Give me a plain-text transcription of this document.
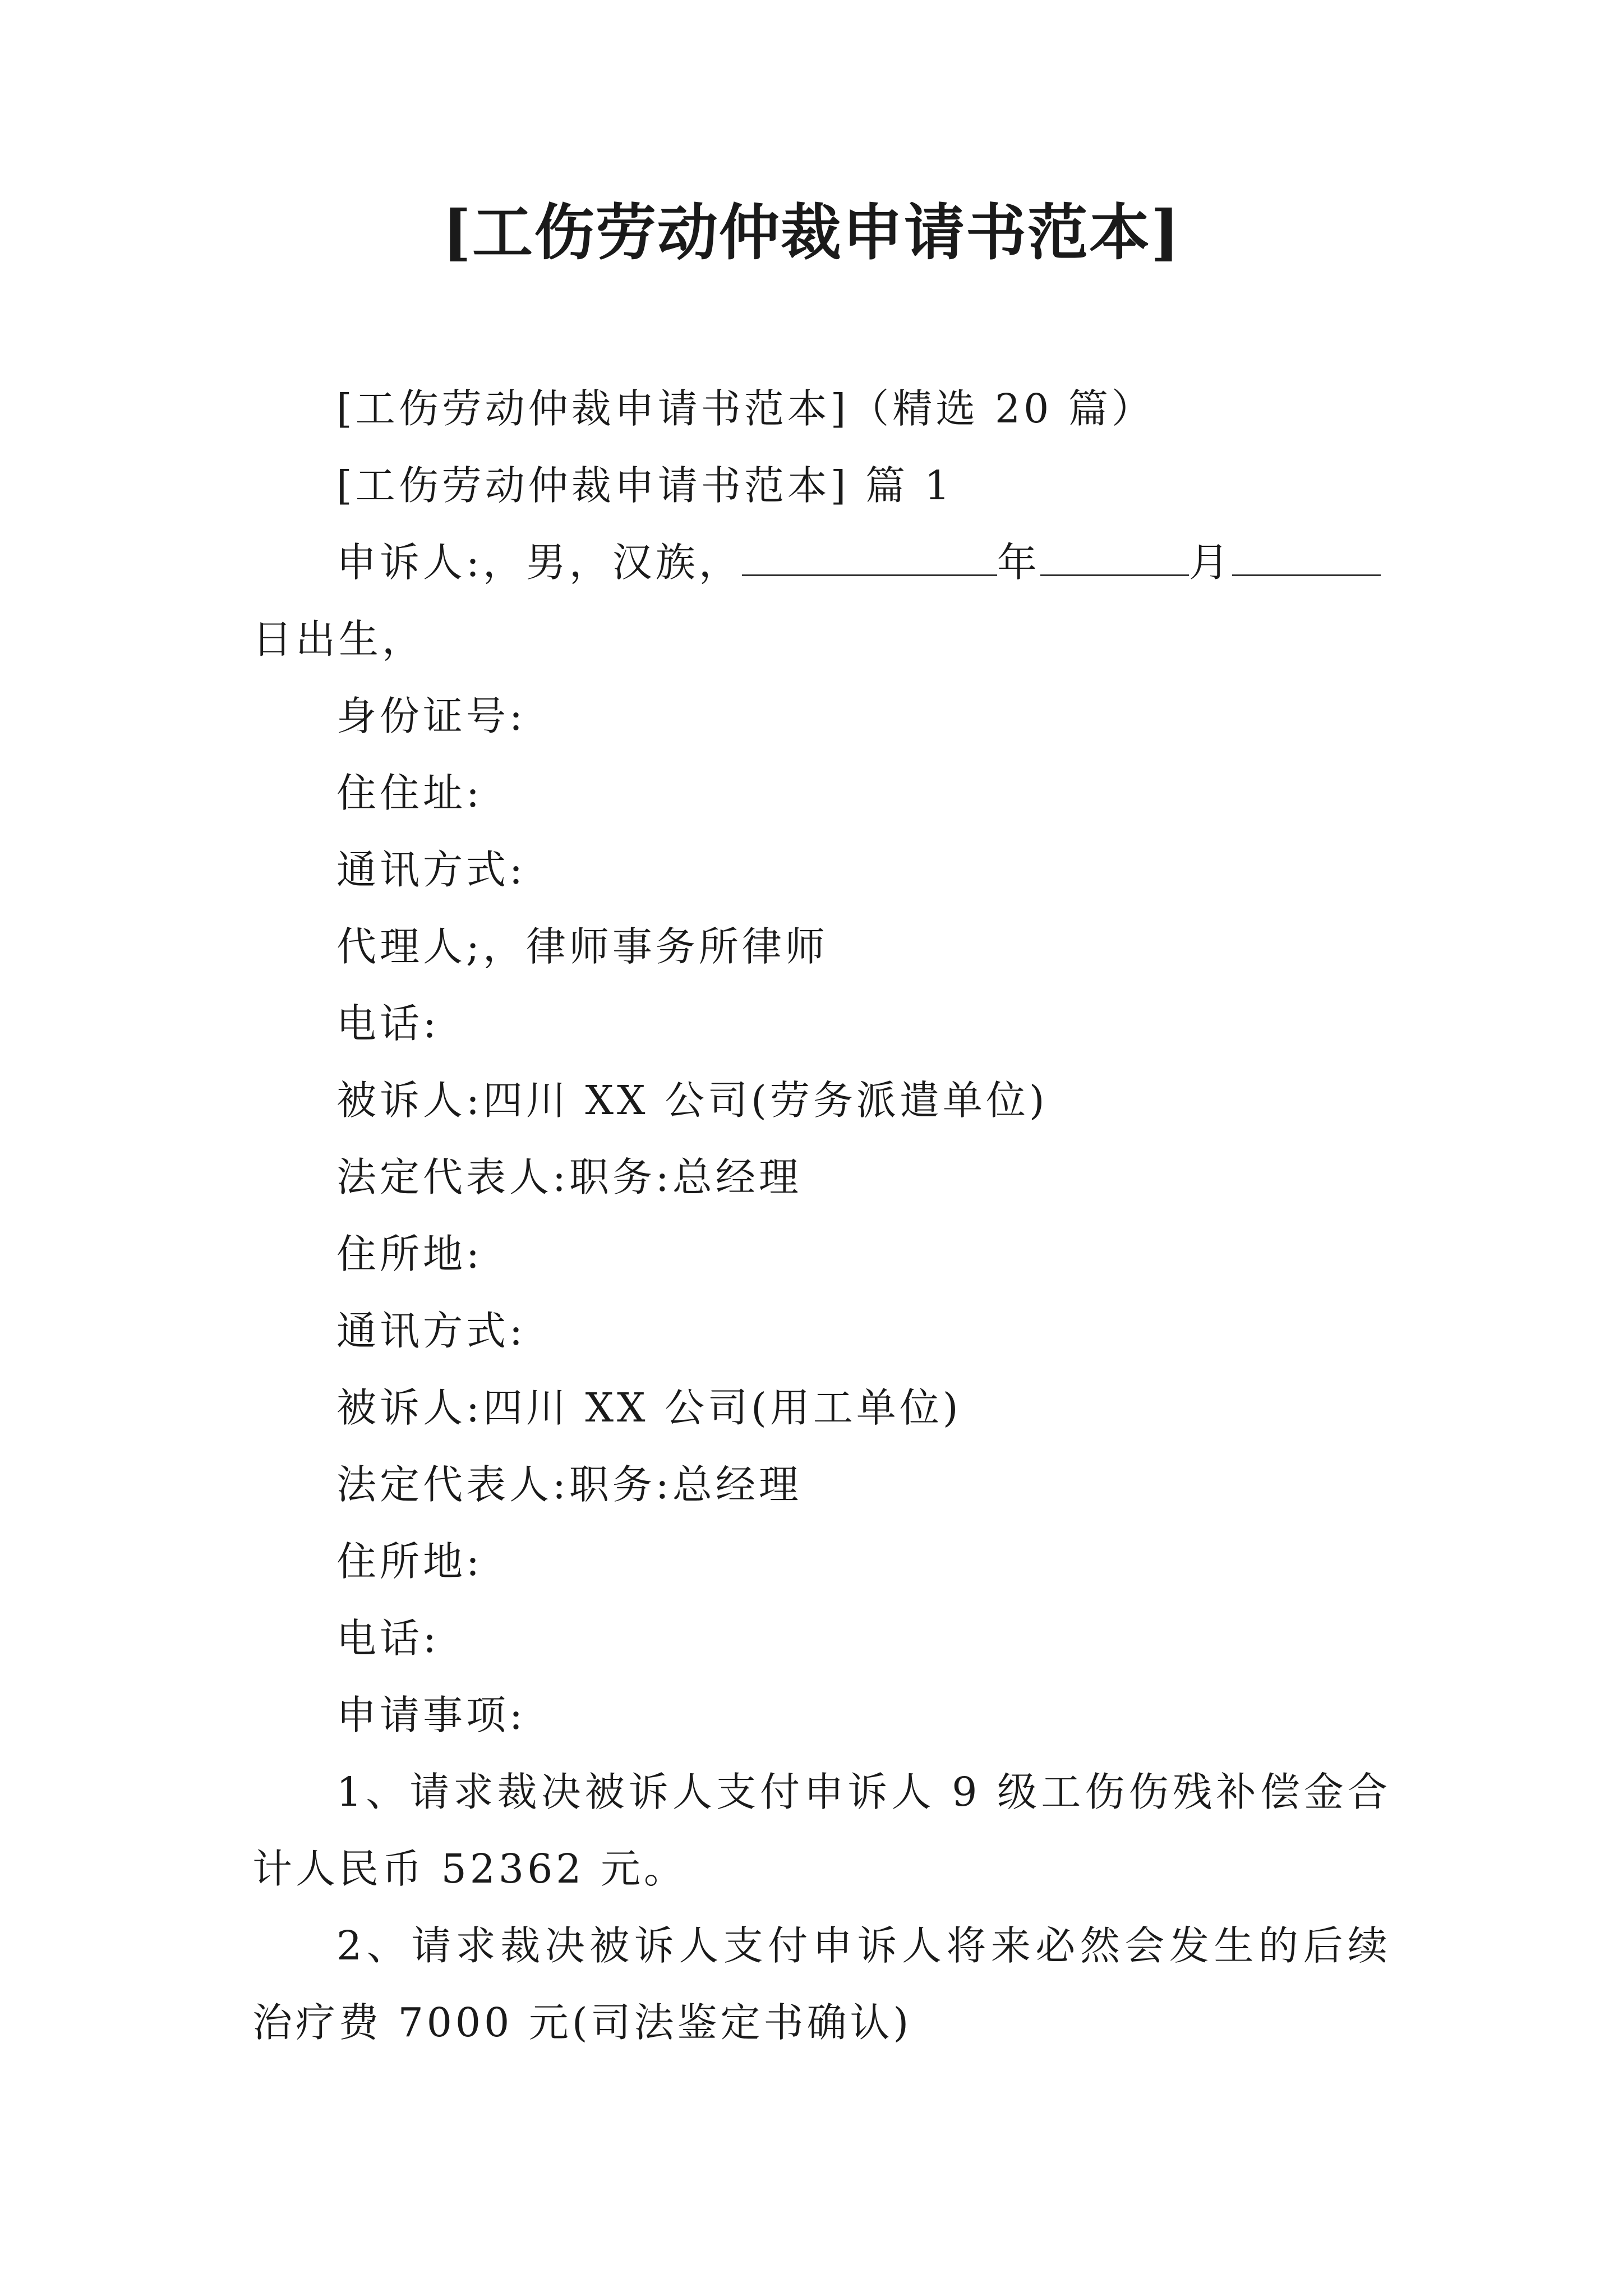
[工伤劳动仲裁申请书范本]

[工伤劳动仲裁申请书范本]（精选 20 篇）

[工伤劳动仲裁申请书范本] 篇 1

申诉人:，男，汉族，	年	月

日出生，

身份证号:

住住址:

通讯方式:

代理人;，律师事务所律师

电话:

被诉人:四川 XX 公司(劳务派遣单位)

法定代表人:职务:总经理

住所地:

通讯方式:

被诉人:四川 XX 公司(用工单位)

法定代表人:职务:总经理

住所地:

电话:

申请事项:

1、请求裁决被诉人支付申诉人 9 级工伤伤残补偿金合计人民币 52362 元。

2、请求裁决被诉人支付申诉人将来必然会发生的后续治疗费 7000 元(司法鉴定书确认)
